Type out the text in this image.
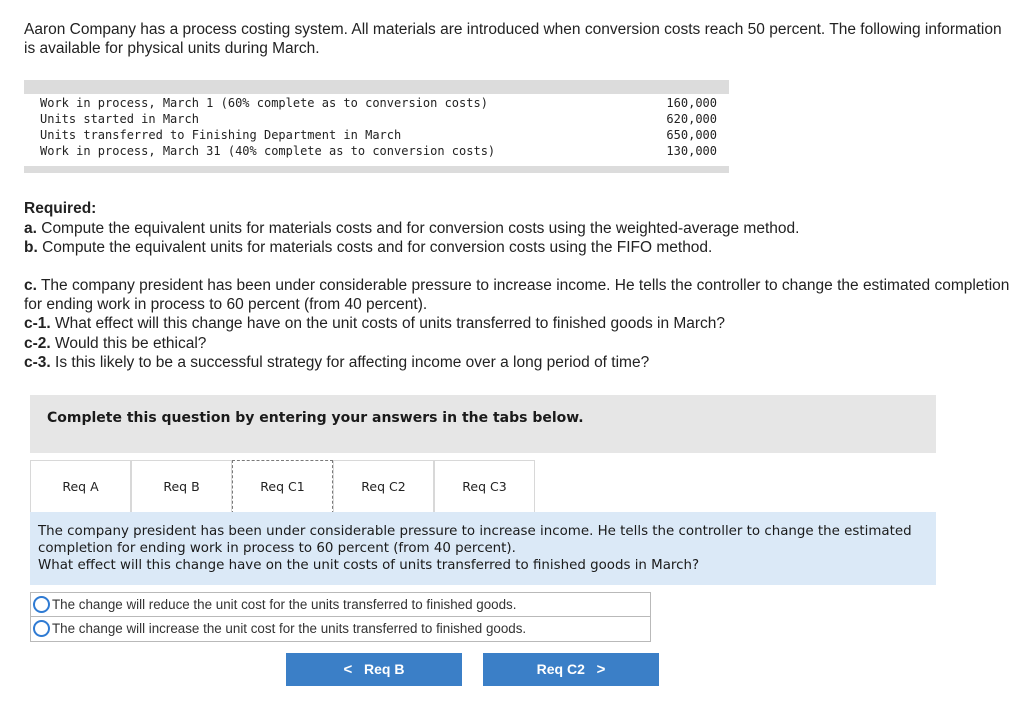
Aaron Company has a process costing system. All materials are introduced when conversion costs reach 50 percent. The following information is available for physical units during March.
Work in process, March 1 (60% complete as to conversion costs)	160,000
Units started in March	620,000
Units transferred to Finishing Department in March	650,000
Work in process, March 31 (40% complete as to conversion costs)	130,000
Required:
a. Compute the equivalent units for materials costs and for conversion costs using the weighted-average method.
b. Compute the equivalent units for materials costs and for conversion costs using the FIFO method.
c. The company president has been under considerable pressure to increase income. He tells the controller to change the estimated completion for ending work in process to 60 percent (from 40 percent).
c-1. What effect will this change have on the unit costs of units transferred to finished goods in March?
c-2. Would this be ethical?
c-3. Is this likely to be a successful strategy for affecting income over a long period of time?
Complete this question by entering your answers in the tabs below.
Req A	Req B	Req C1	Req C2	Req C3
The company president has been under considerable pressure to increase income. He tells the controller to change the estimated completion for ending work in process to 60 percent (from 40 percent).
What effect will this change have on the unit costs of units transferred to finished goods in March?
The change will reduce the unit cost for the units transferred to finished goods.
The change will increase the unit cost for the units transferred to finished goods.
< Req B	Req C2 >
